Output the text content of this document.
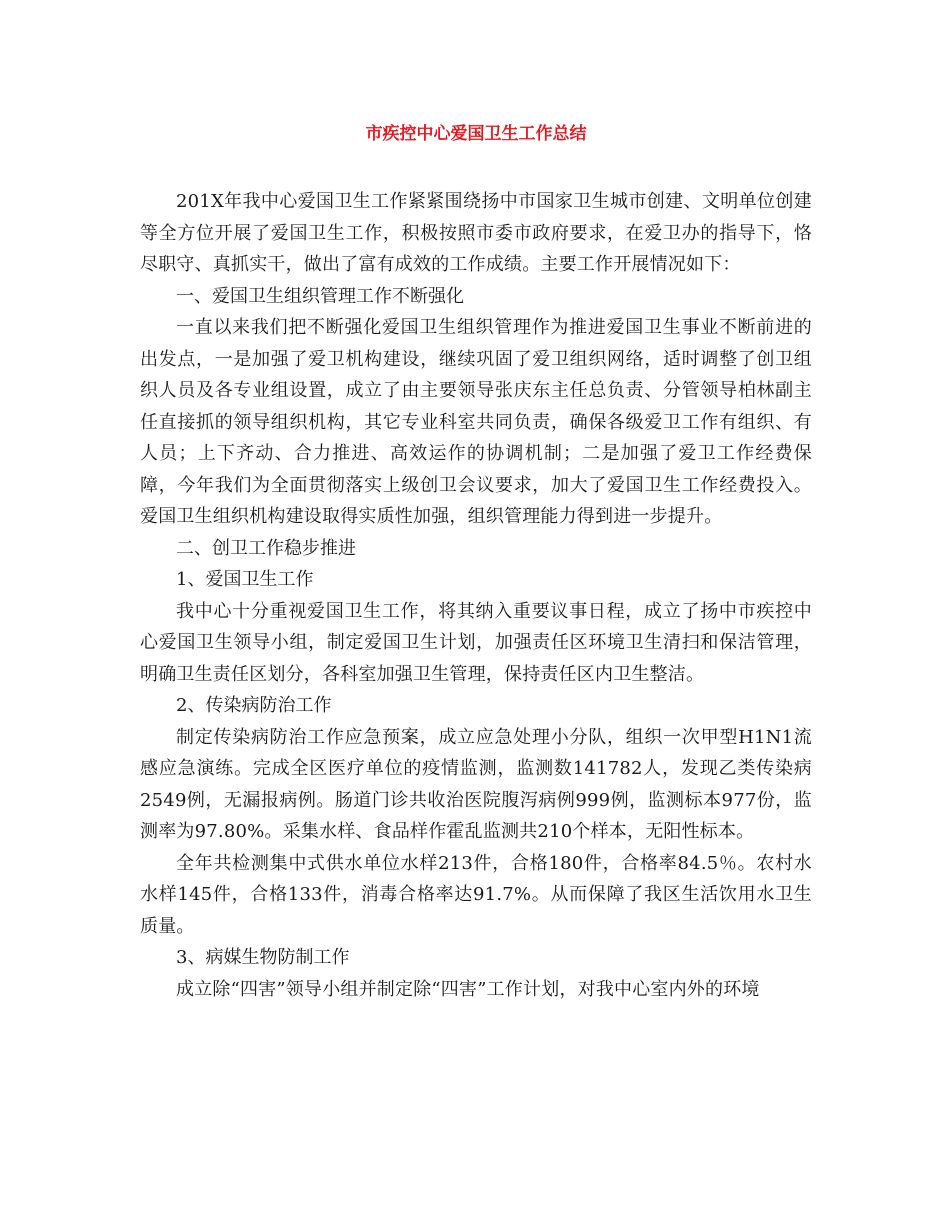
市疾控中心爱国卫生工作总结

201X年我中心爱国卫生工作紧紧围绕扬中市国家卫生城市创建、文明单位创建等全方位开展了爱国卫生工作，积极按照市委市政府要求，在爱卫办的指导下，恪尽职守、真抓实干，做出了富有成效的工作成绩。主要工作开展情况如下：

一、爱国卫生组织管理工作不断强化

一直以来我们把不断强化爱国卫生组织管理作为推进爱国卫生事业不断前进的出发点，一是加强了爱卫机构建设，继续巩固了爱卫组织网络，适时调整了创卫组织人员及各专业组设置，成立了由主要领导张庆东主任总负责、分管领导柏林副主任直接抓的领导组织机构，其它专业科室共同负责，确保各级爱卫工作有组织、有人员；上下齐动、合力推进、高效运作的协调机制；二是加强了爱卫工作经费保障，今年我们为全面贯彻落实上级创卫会议要求，加大了爱国卫生工作经费投入。爱国卫生组织机构建设取得实质性加强，组织管理能力得到进一步提升。

二、创卫工作稳步推进

1、爱国卫生工作

我中心十分重视爱国卫生工作，将其纳入重要议事日程，成立了扬中市疾控中心爱国卫生领导小组，制定爱国卫生计划，加强责任区环境卫生清扫和保洁管理，明确卫生责任区划分，各科室加强卫生管理，保持责任区内卫生整洁。

2、传染病防治工作

制定传染病防治工作应急预案，成立应急处理小分队，组织一次甲型H1N1流感应急演练。完成全区医疗单位的疫情监测，监测数141782人，发现乙类传染病2549例，无漏报病例。肠道门诊共收治医院腹泻病例999例，监测标本977份，监测率为97.80%。采集水样、食品样作霍乱监测共210个样本，无阳性标本。

全年共检测集中式供水单位水样213件，合格180件，合格率84.5％。农村水水样145件，合格133件，消毒合格率达91.7%。从而保障了我区生活饮用水卫生质量。

3、病媒生物防制工作

成立除“四害”领导小组并制定除“四害”工作计划，对我中心室内外的环境
